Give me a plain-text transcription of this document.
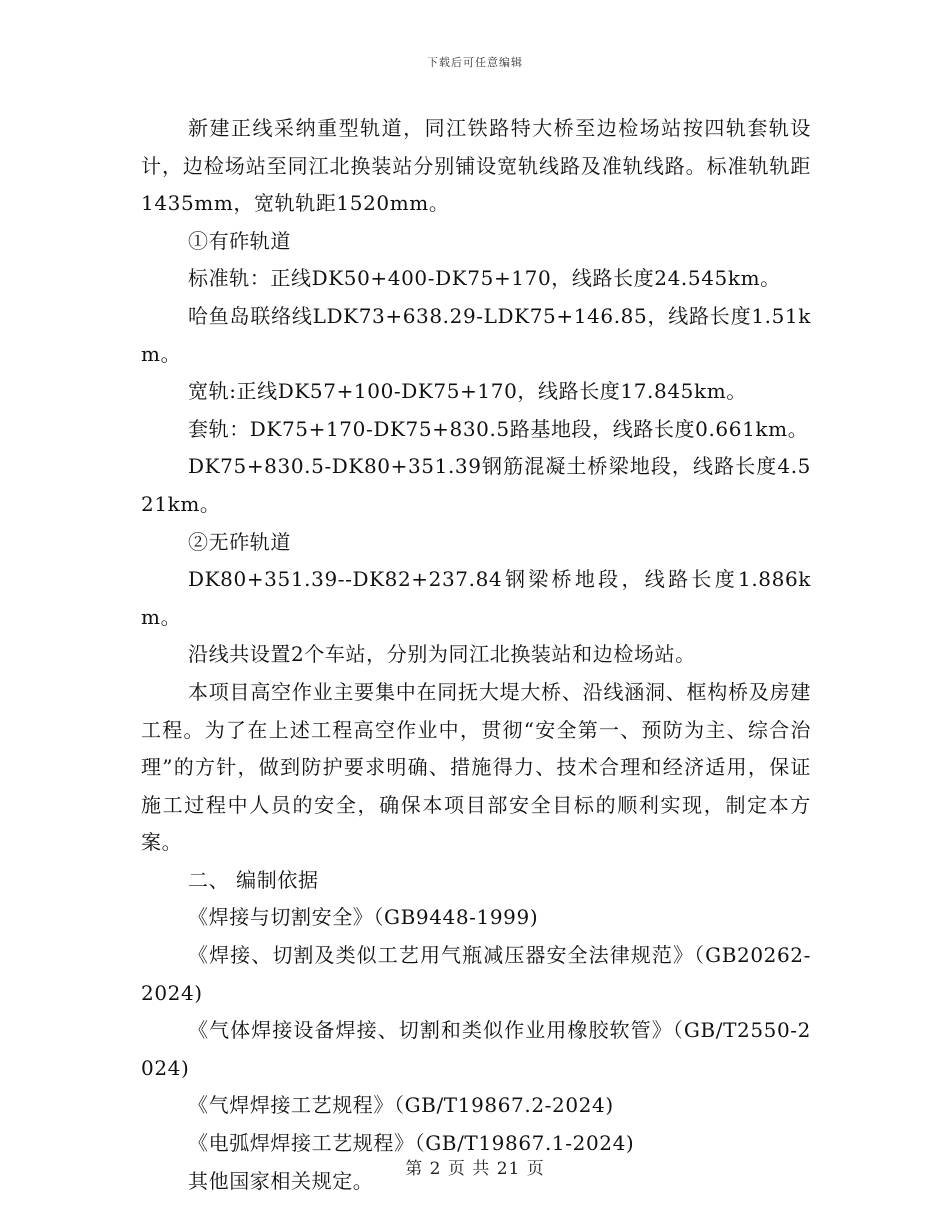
下载后可任意编辑

新建正线采纳重型轨道，同江铁路特大桥至边检场站按四轨套轨设计，边检场站至同江北换装站分别铺设宽轨线路及准轨线路。标准轨轨距1435mm，宽轨轨距1520mm。

①有砟轨道

标准轨：正线DK50+400-DK75+170，线路长度24.545km。

哈鱼岛联络线LDK73+638.29-LDK75+146.85，线路长度1.51km。

宽轨:正线DK57+100-DK75+170，线路长度17.845km。

套轨：DK75+170-DK75+830.5路基地段，线路长度0.661km。

DK75+830.5-DK80+351.39钢筋混凝土桥梁地段，线路长度4.521km。

②无砟轨道

DK80+351.39--DK82+237.84钢梁桥地段，线路长度1.886km。

沿线共设置2个车站，分别为同江北换装站和边检场站。

本项目高空作业主要集中在同抚大堤大桥、沿线涵洞、框构桥及房建工程。为了在上述工程高空作业中，贯彻“安全第一、预防为主、综合治理”的方针，做到防护要求明确、措施得力、技术合理和经济适用，保证施工过程中人员的安全，确保本项目部安全目标的顺利实现，制定本方案。

二、 编制依据

《焊接与切割安全》（GB9448-1999)

《焊接、切割及类似工艺用气瓶减压器安全法律规范》（GB20262-2024)

《气体焊接设备焊接、切割和类似作业用橡胶软管》（GB/T2550-2024)

《气焊焊接工艺规程》（GB/T19867.2-2024)

《电弧焊焊接工艺规程》（GB/T19867.1-2024)

其他国家相关规定。	第 2 页 共 21 页
